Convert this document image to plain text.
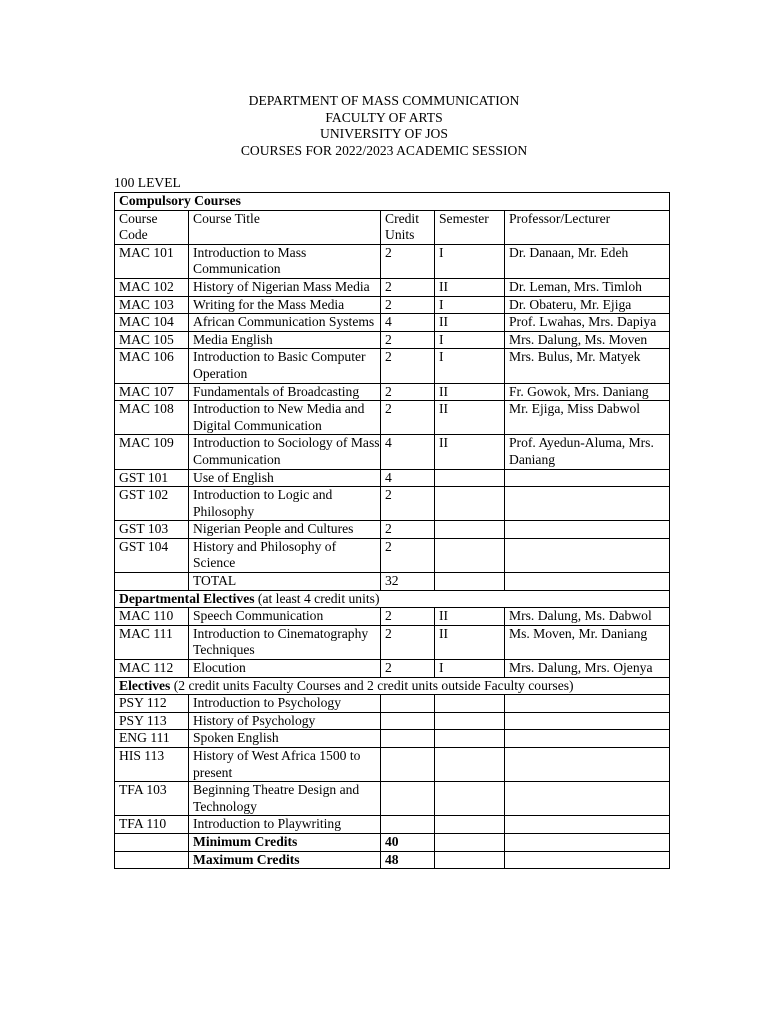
DEPARTMENT OF MASS COMMUNICATION
FACULTY OF ARTS
UNIVERSITY OF JOS
COURSES FOR 2022/2023 ACADEMIC SESSION
100 LEVEL
Compulsory Courses				
Course Code	Course Title	Credit Units	Semester	Professor/Lecturer
MAC 101	Introduction to Mass Communication	2	I	Dr. Danaan, Mr. Edeh
MAC 102	History of Nigerian Mass Media	2	II	Dr. Leman, Mrs. Timloh
MAC 103	Writing for the Mass Media	2	I	Dr. Obateru, Mr. Ejiga
MAC 104	African Communication Systems	4	II	Prof. Lwahas, Mrs. Dapiya
MAC 105	Media English	2	I	Mrs. Dalung, Ms. Moven
MAC 106	Introduction to Basic Computer Operation	2	I	Mrs. Bulus, Mr. Matyek
MAC 107	Fundamentals of Broadcasting	2	II	Fr. Gowok, Mrs. Daniang
MAC 108	Introduction to New Media and Digital Communication	2	II	Mr. Ejiga, Miss Dabwol
MAC 109	Introduction to Sociology of Mass Communication	4	II	Prof. Ayedun-Aluma, Mrs. Daniang
GST 101	Use of English	4		
GST 102	Introduction to Logic and Philosophy	2		
GST 103	Nigerian People and Cultures	2		
GST 104	History and Philosophy of Science	2		
	TOTAL	32		
Departmental Electives (at least 4 credit units)				
MAC 110	Speech Communication	2	II	Mrs. Dalung, Ms. Dabwol
MAC 111	Introduction to Cinematography Techniques	2	II	Ms. Moven, Mr. Daniang
MAC 112	Elocution	2	I	Mrs. Dalung, Mrs. Ojenya
Electives (2 credit units Faculty Courses and 2 credit units outside Faculty courses)				
PSY 112	Introduction to Psychology			
PSY 113	History of Psychology			
ENG 111	Spoken English			
HIS 113	History of West Africa 1500 to present			
TFA 103	Beginning Theatre Design and Technology			
TFA 110	Introduction to Playwriting			
	Minimum Credits	40		
	Maximum Credits	48		
